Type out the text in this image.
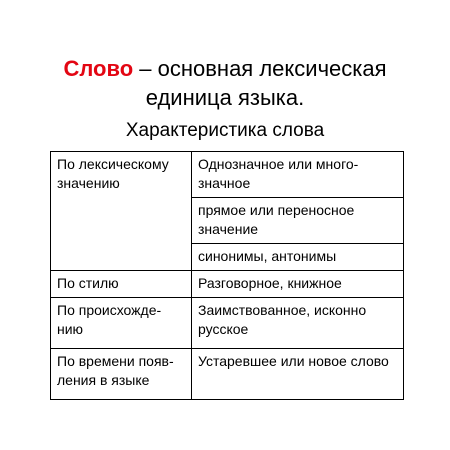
Слово – основная лексическая
единица языка.
Характеристика слова
По лексическому значению	Однозначное или много-значное
	прямое или переносное значение
	синонимы, антонимы
По стилю	Разговорное, книжное
По происхожде-нию	Заимствованное, исконно русское
По времени появ-ления в языке	Устаревшее или новое слово
